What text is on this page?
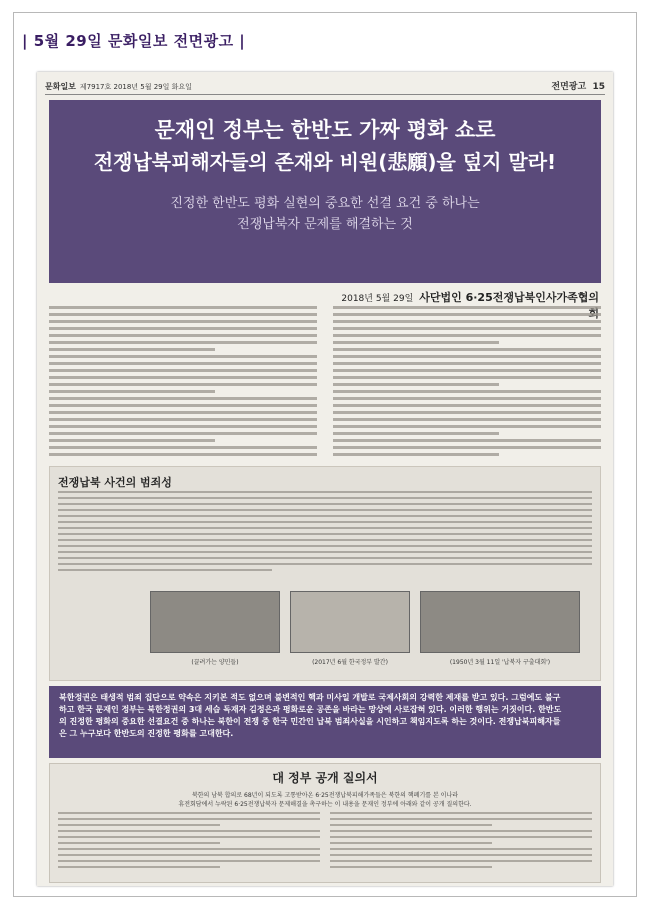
| 5월 29일 문화일보 전면광고 |
문화일보 제7917호 2018년 5월 29일 화요일	전면광고 15
문재인 정부는 한반도 가짜 평화 쇼로
전쟁납북피해자들의 존재와 비원(悲願)을 덮지 말라!
진정한 한반도 평화 실현의 중요한 선결 요건 중 하나는
전쟁납북자 문제를 해결하는 것
2018년 5월 29일 사단법인 6·25전쟁납북인사가족협의
전쟁납북 사건의 범죄성
(끌려가는 양민들)	(2017년 6월 한국정부 발간)	(1950년 3월 11일 '납북자 구출대회')
북한정권은 태생적 범죄 집단으로 약속은 지키본 적도 없으며 불변적인 핵과 미사일 개발로 국제사회의 강력한 제재를 받고 있다. 그럼에도 불구
하고 한국 문재인 정부는 북한정권의 3대 세습 독재자 김정은과 평화로운 공존을 바라는 망상에 사로잡혀 있다. 이러한 행위는 거짓이다. 한반도
의 진정한 평화의 중요한 선결요건 중 하나는 북한이 전쟁 중 한국 민간인 납북 범죄사실을 시인하고 책임지도록 하는 것이다. 전쟁납북피해자들
은 그 누구보다 한반도의 진정한 평화를 고대한다.
대 정부 공개 질의서
북한의 남북 합의로 68년이 되도록 고통받아온 6·25전쟁납북피해가족들은 북한의 핵폐기를 본 이나라
휴전회담에서 누락된 6·25전쟁납북자 문제해결을 촉구하는 이 내용을 문재인 정부에 아래와 같이 공개 질의한다.
